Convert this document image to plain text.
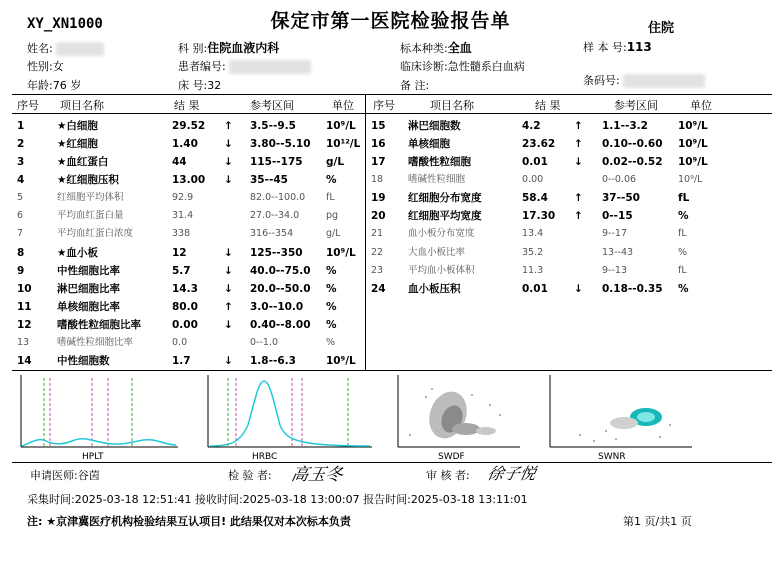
XY_XN1000	保定市第一医院检验报告单	住院
姓名:
性别:女
年龄:76 岁
科 别:住院血液内科
患者编号:
床 号:32
标本种类:全血
临床诊断:急性髓系白血病
备 注:
样 本 号:113
条码号:
序号 项目名称	结 果	参考区间	单位 序号	项目名称	结 果	参考区间	单位
1	★白细胞	29.52 ↑ 3.5--9.5	10⁹/L
2	★红细胞	1.40 ↓ 3.80--5.10 10¹²/L
3	★血红蛋白	44	↓ 115--175 g/L
4	★红细胞压积	13.00 ↓ 35--45	%
5	红细胞平均体积	92.9	82.0--100.0 fL
6	平均血红蛋白量	31.4	27.0--34.0	pg
7	平均血红蛋白浓度	338	316--354	g/L
8	★血小板	12	↓ 125--350 10⁹/L
9	中性细胞比率	5.7	↓ 40.0--75.0 %
10 淋巴细胞比率	14.3 ↓ 20.0--50.0 %
11 单核细胞比率	80.0 ↑ 3.0--10.0 %
12 嗜酸性粒细胞比率	0.00 ↓ 0.40--8.00 %
13	嗜碱性粒细胞比率	0.0	0--1.0	%
14 中性细胞数	1.7	↓ 1.8--6.3	10⁹/L
15 淋巴细胞数	4.2	↑ 1.1--3.2	10⁹/L
16 单核细胞	23.62 ↑ 0.10--0.60 10⁹/L
17 嗜酸性粒细胞	0.01 ↓ 0.02--0.52 10⁹/L
18	嗜碱性粒细胞	0.00	0--0.06	10⁹/L
19 红细胞分布宽度	58.4 ↑ 37--50	fL
20 红细胞平均宽度	17.30 ↑ 0--15	%
21	血小板分布宽度	13.4	9--17	fL
22	大血小板比率	35.2	13--43	%
23	平均血小板体积	11.3	9--13	fL
24 血小板压积	0.01 ↓ 0.18--0.35 %
HPLT	HRBC	SWDF	SWNR
申请医师:谷茵	检 验 者: 高玉冬	审 核 者: 徐子悦
采集时间:2025-03-18 12:51:41 接收时间:2025-03-18 13:00:07 报告时间:2025-03-18 13:11:01
注: ★京津冀医疗机构检验结果互认项目! 此结果仅对本次标本负责	第1 页/共1 页
